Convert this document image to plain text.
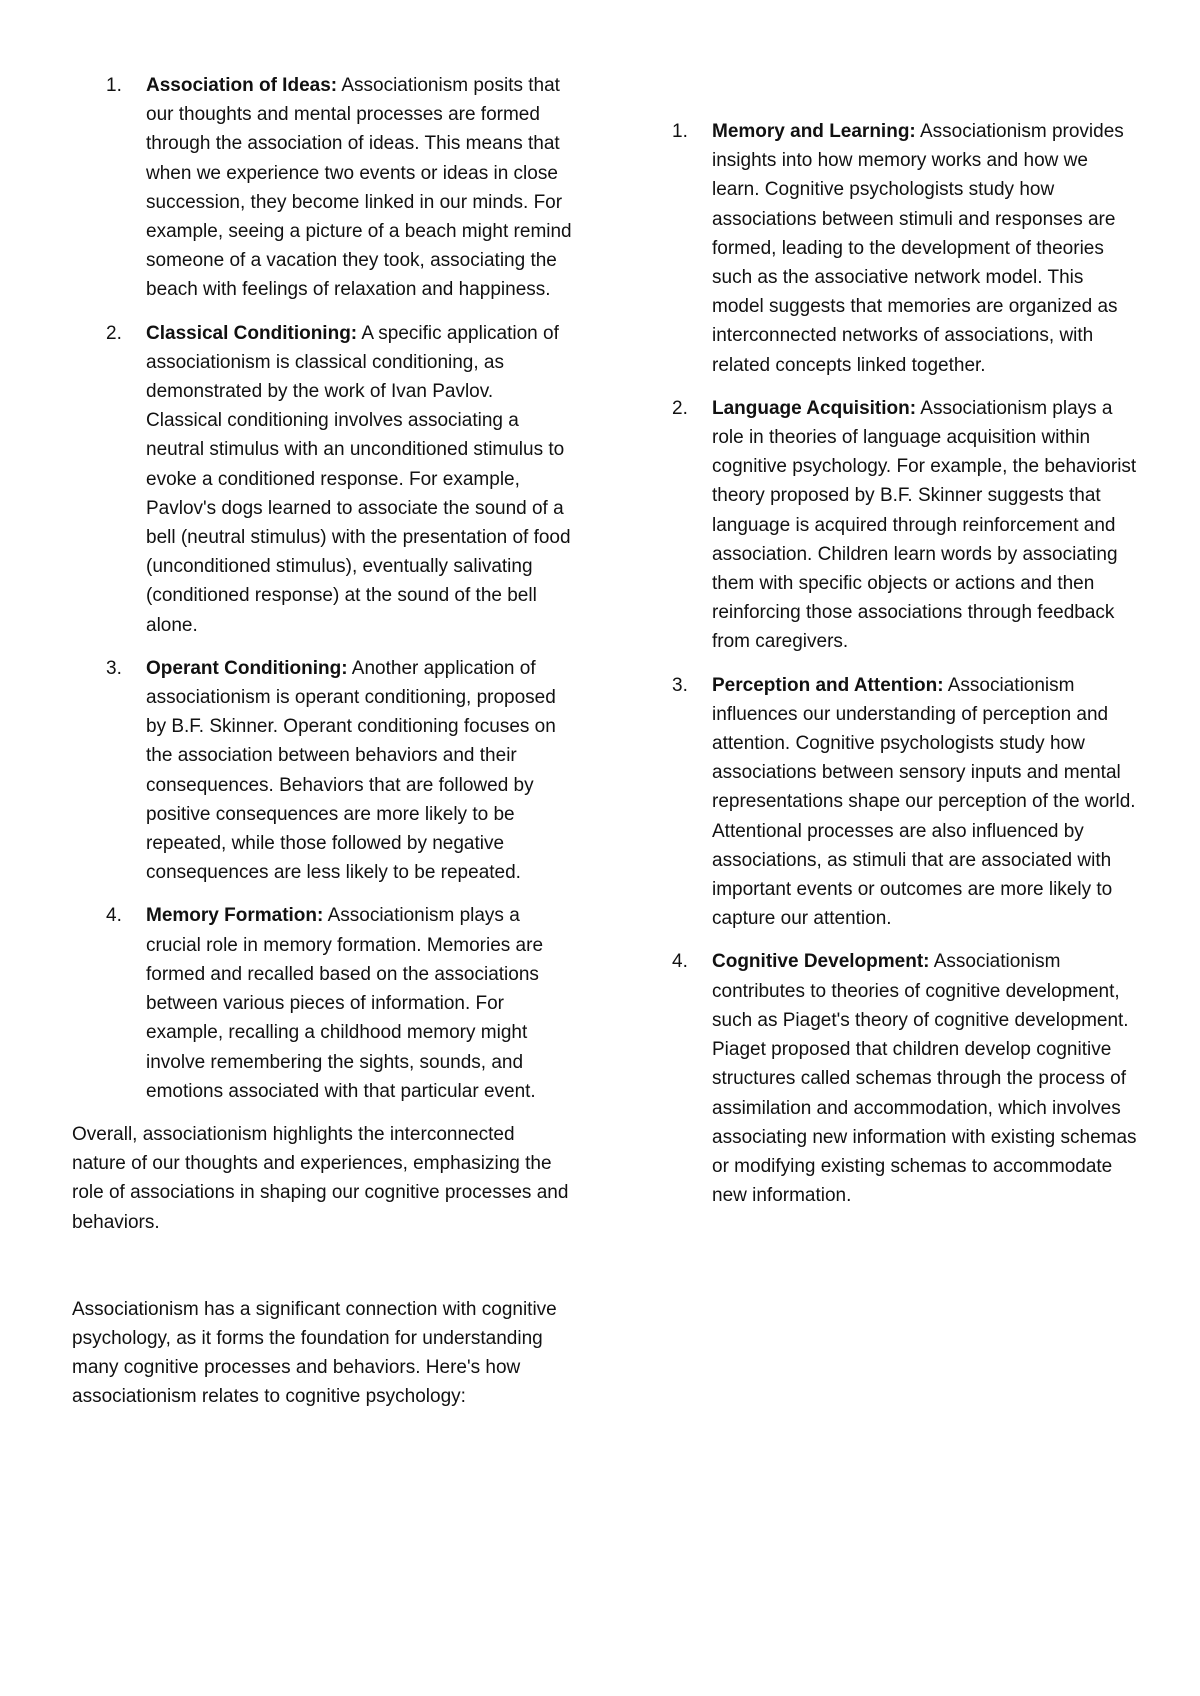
1. Association of Ideas: Associationism posits that our thoughts and mental processes are formed through the association of ideas. This means that when we experience two events or ideas in close succession, they become linked in our minds. For example, seeing a picture of a beach might remind someone of a vacation they took, associating the beach with feelings of relaxation and happiness.
2. Classical Conditioning: A specific application of associationism is classical conditioning, as demonstrated by the work of Ivan Pavlov. Classical conditioning involves associating a neutral stimulus with an unconditioned stimulus to evoke a conditioned response. For example, Pavlov's dogs learned to associate the sound of a bell (neutral stimulus) with the presentation of food (unconditioned stimulus), eventually salivating (conditioned response) at the sound of the bell alone.
3. Operant Conditioning: Another application of associationism is operant conditioning, proposed by B.F. Skinner. Operant conditioning focuses on the association between behaviors and their consequences. Behaviors that are followed by positive consequences are more likely to be repeated, while those followed by negative consequences are less likely to be repeated.
4. Memory Formation: Associationism plays a crucial role in memory formation. Memories are formed and recalled based on the associations between various pieces of information. For example, recalling a childhood memory might involve remembering the sights, sounds, and emotions associated with that particular event.

Overall, associationism highlights the interconnected nature of our thoughts and experiences, emphasizing the role of associations in shaping our cognitive processes and behaviors.

Associationism has a significant connection with cognitive psychology, as it forms the foundation for understanding many cognitive processes and behaviors. Here's how associationism relates to cognitive psychology:

1. Memory and Learning: Associationism provides insights into how memory works and how we learn. Cognitive psychologists study how associations between stimuli and responses are formed, leading to the development of theories such as the associative network model. This model suggests that memories are organized as interconnected networks of associations, with related concepts linked together.
2. Language Acquisition: Associationism plays a role in theories of language acquisition within cognitive psychology. For example, the behaviorist theory proposed by B.F. Skinner suggests that language is acquired through reinforcement and association. Children learn words by associating them with specific objects or actions and then reinforcing those associations through feedback from caregivers.
3. Perception and Attention: Associationism influences our understanding of perception and attention. Cognitive psychologists study how associations between sensory inputs and mental representations shape our perception of the world. Attentional processes are also influenced by associations, as stimuli that are associated with important events or outcomes are more likely to capture our attention.
4. Cognitive Development: Associationism contributes to theories of cognitive development, such as Piaget's theory of cognitive development. Piaget proposed that children develop cognitive structures called schemas through the process of assimilation and accommodation, which involves associating new information with existing schemas or modifying existing schemas to accommodate new information.
